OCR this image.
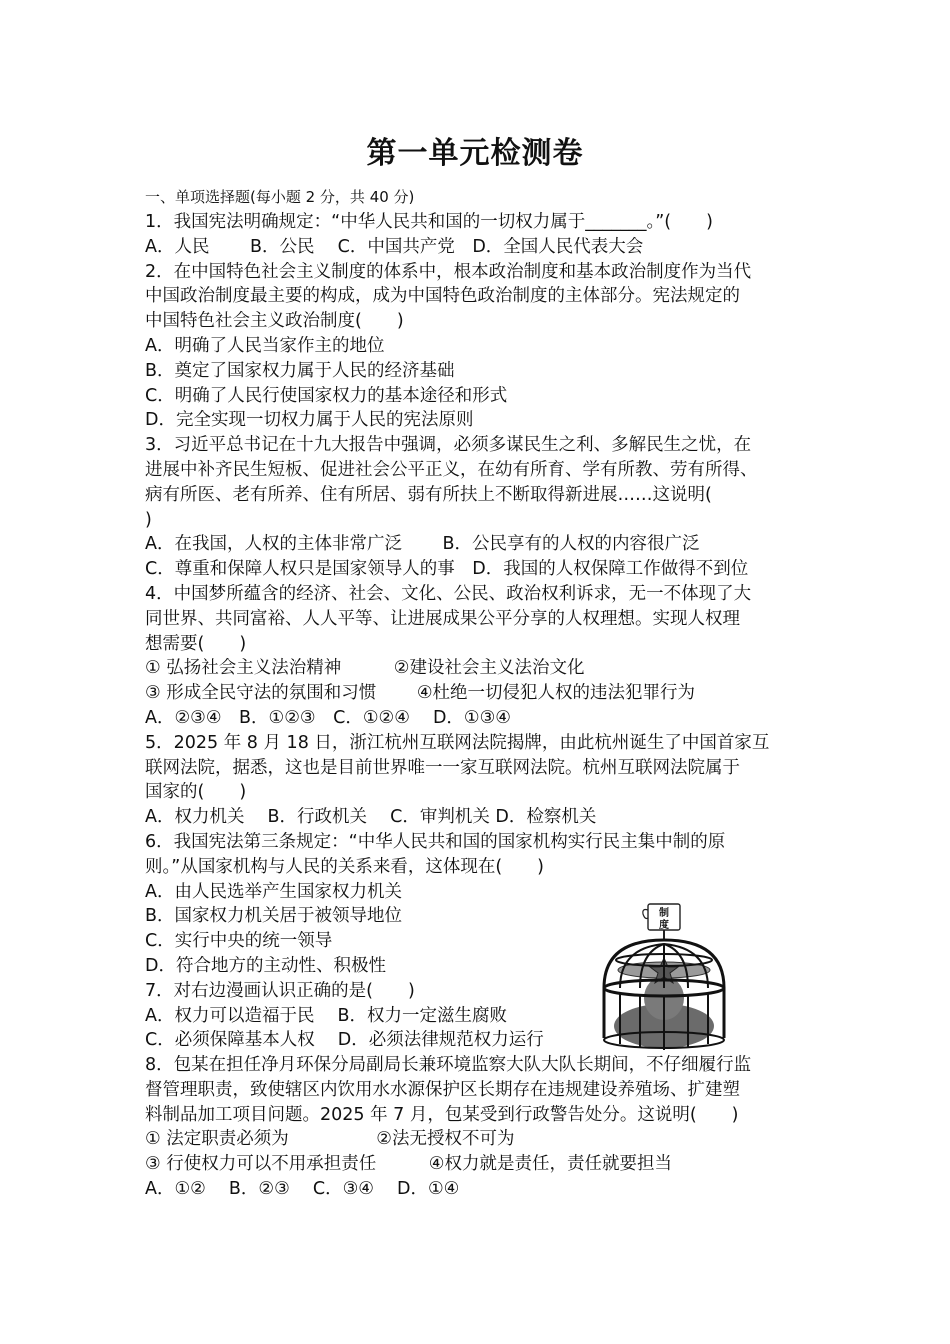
第一单元检测卷
一、单项选择题(每小题 2 分，共 40 分)
1．我国宪法明确规定：“中华人民共和国的一切权力属于_______。”(　　)
A．人民　　 B．公民　 C．中国共产党　D．全国人民代表大会
2．在中国特色社会主义制度的体系中，根本政治制度和基本政治制度作为当代
中国政治制度最主要的构成，成为中国特色政治制度的主体部分。宪法规定的
中国特色社会主义政治制度(　　)
A．明确了人民当家作主的地位
B．奠定了国家权力属于人民的经济基础
C．明确了人民行使国家权力的基本途径和形式
D．完全实现一切权力属于人民的宪法原则
3．习近平总书记在十九大报告中强调，必须多谋民生之利、多解民生之忧，在
进展中补齐民生短板、促进社会公平正义，在幼有所育、学有所教、劳有所得、
病有所医、老有所养、住有所居、弱有所扶上不断取得新进展……这说明(
)
A．在我国，人权的主体非常广泛　　 B．公民享有的人权的内容很广泛
C．尊重和保障人权只是国家领导人的事　D．我国的人权保障工作做得不到位
4．中国梦所蕴含的经济、社会、文化、公民、政治权利诉求，无一不体现了大
同世界、共同富裕、人人平等、让进展成果公平分享的人权理想。实现人权理
想需要(　　)
① 弘扬社会主义法治精神　　　②建设社会主义法治文化
③ 形成全民守法的氛围和习惯　　 ④杜绝一切侵犯人权的违法犯罪行为
A．②③④　B．①②③　C．①②④　 D．①③④
5．2025 年 8 月 18 日，浙江杭州互联网法院揭牌，由此杭州诞生了中国首家互
联网法院，据悉，这也是目前世界唯一一家互联网法院。杭州互联网法院属于
国家的(　　)
A．权力机关　 B．行政机关　 C．审判机关 D．检察机关
6．我国宪法第三条规定：“中华人民共和国的国家机构实行民主集中制的原
则。”从国家机构与人民的关系来看，这体现在(　　)
A．由人民选举产生国家权力机关
B．国家权力机关居于被领导地位
C．实行中央的统一领导
D．符合地方的主动性、积极性
7．对右边漫画认识正确的是(　　)
A．权力可以造福于民　 B．权力一定滋生腐败
C．必须保障基本人权　 D．必须法律规范权力运行
8．包某在担任净月环保分局副局长兼环境监察大队大队长期间，不仔细履行监
督管理职责，致使辖区内饮用水水源保护区长期存在违规建设养殖场、扩建塑
料制品加工项目问题。2025 年 7 月，包某受到行政警告处分。这说明(　　)
① 法定职责必须为　　　　　②法无授权不可为
③ 行使权力可以不用承担责任　　　④权力就是责任，责任就要担当
A．①②　 B．②③　 C．③④　 D．①④
制
度
